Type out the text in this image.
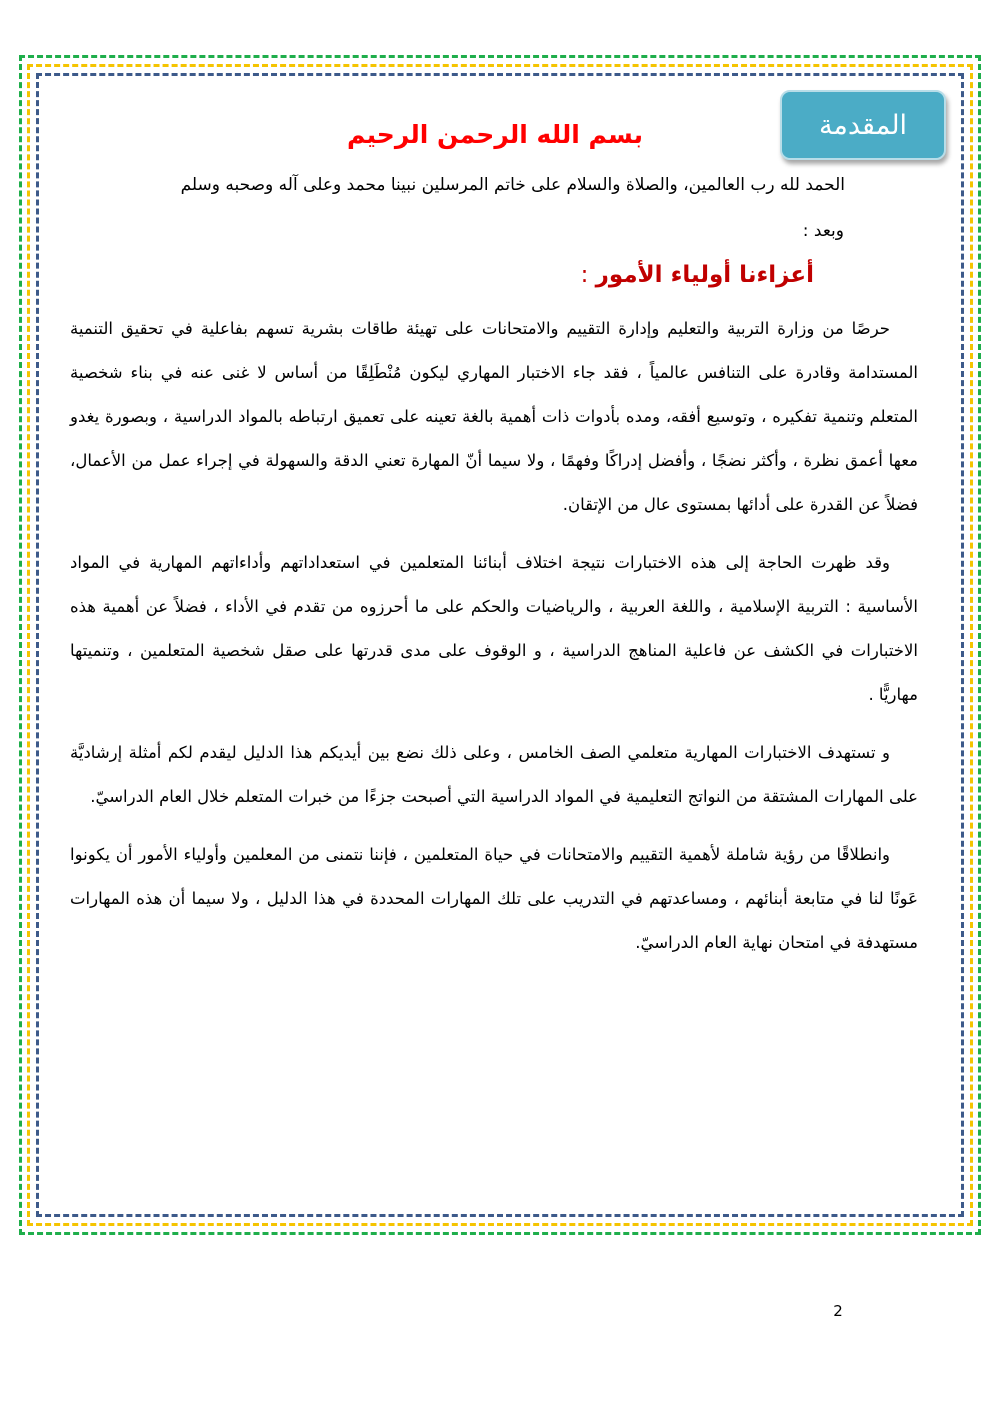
المقدمة
بسم الله الرحمن الرحيم
الحمد لله رب العالمين، والصلاة والسلام على خاتم المرسلين نبينا محمد وعلى آله وصحبه وسلم
وبعد :
أعزاءنا أولياء الأمور :

حرصًا من وزارة التربية والتعليم وإدارة التقييم والامتحانات على تهيئة طاقات بشرية تسهم بفاعلية في تحقيق التنمية المستدامة وقادرة على التنافس عالمياً ، فقد جاء الاختبار المهاري ليكون مُنْطَلِقًا من أساس لا غنى عنه في بناء شخصية المتعلم وتنمية تفكيره ، وتوسيع أفقه، ومده بأدوات ذات أهمية بالغة تعينه على تعميق ارتباطه بالمواد الدراسية ، وبصورة يغدو معها أعمق نظرة ، وأكثر نضجًا ، وأفضل إدراكًا وفهمًا ، ولا سيما أنّ المهارة تعني الدقة والسهولة في إجراء عمل من الأعمال، فضلاً عن القدرة على أدائها بمستوى عال من الإتقان.

وقد ظهرت الحاجة إلى هذه الاختبارات نتيجة اختلاف أبنائنا المتعلمين في استعداداتهم وأداءاتهم المهارية في المواد الأساسية : التربية الإسلامية ، واللغة العربية ، والرياضيات والحكم على ما أحرزوه من تقدم في الأداء ، فضلاً عن أهمية هذه الاختبارات في الكشف عن فاعلية المناهج الدراسية ، و الوقوف على مدى قدرتها على صقل شخصية المتعلمين ، وتنميتها مهاريًّا .

و تستهدف الاختبارات المهارية متعلمي الصف الخامس ، وعلى ذلك نضع بين أيديكم هذا الدليل ليقدم لكم أمثلة إرشاديَّة على المهارات المشتقة من النواتج التعليمية في المواد الدراسية التي أصبحت جزءًا من خبرات المتعلم خلال العام الدراسيّ.

وانطلاقًا من رؤية شاملة لأهمية التقييم والامتحانات في حياة المتعلمين ، فإننا نتمنى من المعلمين وأولياء الأمور أن يكونوا عَونًا لنا في متابعة أبنائهم ، ومساعدتهم في التدريب على تلك المهارات المحددة في هذا الدليل ، ولا سيما أن هذه المهارات مستهدفة في امتحان نهاية العام الدراسيّ.

2
